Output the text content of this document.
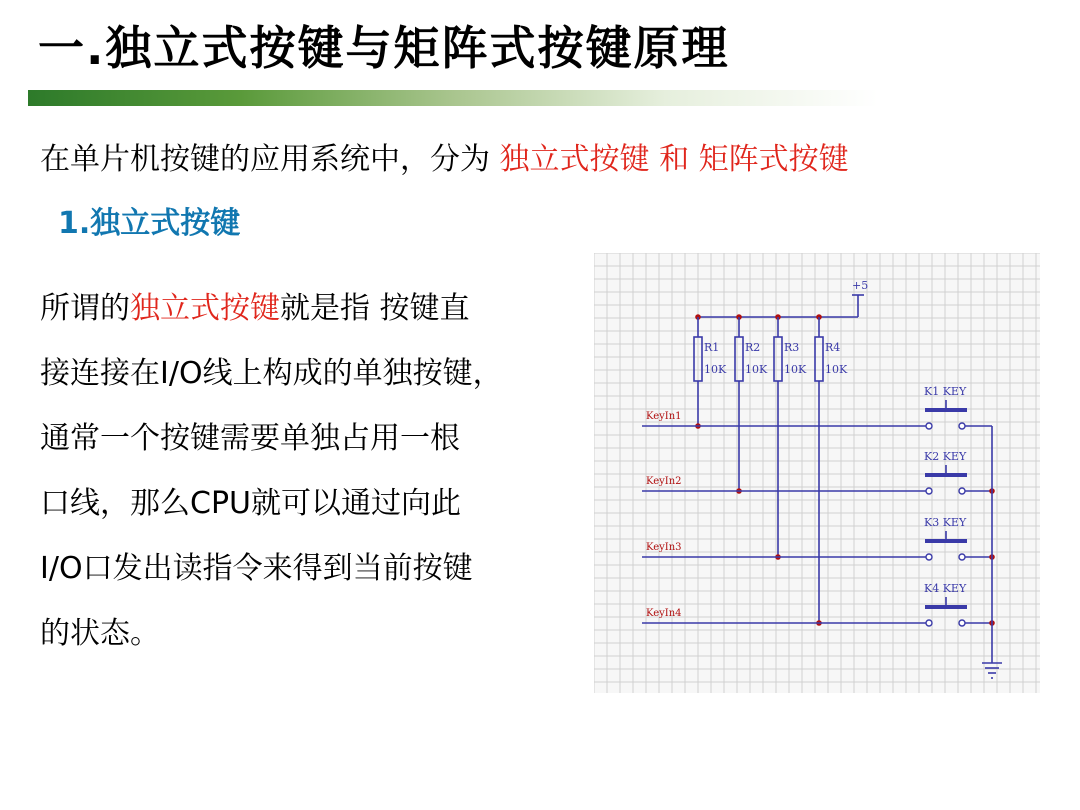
一.独立式按键与矩阵式按键原理
在单片机按键的应用系统中，分为 独立式按键 和 矩阵式按键
1.独立式按键
所谓的独立式按键就是指 按键直
接连接在I/O线上构成的单独按键，
通常一个按键需要单独占用一根
口线，那么CPU就可以通过向此
I/O口发出读指令来得到当前按键
的状态。
+5
R1
10K
R2
10K
R3
10K
R4
10K
KeyIn1
K1 KEY
KeyIn2
K2 KEY
KeyIn3
K3 KEY
KeyIn4
K4 KEY
